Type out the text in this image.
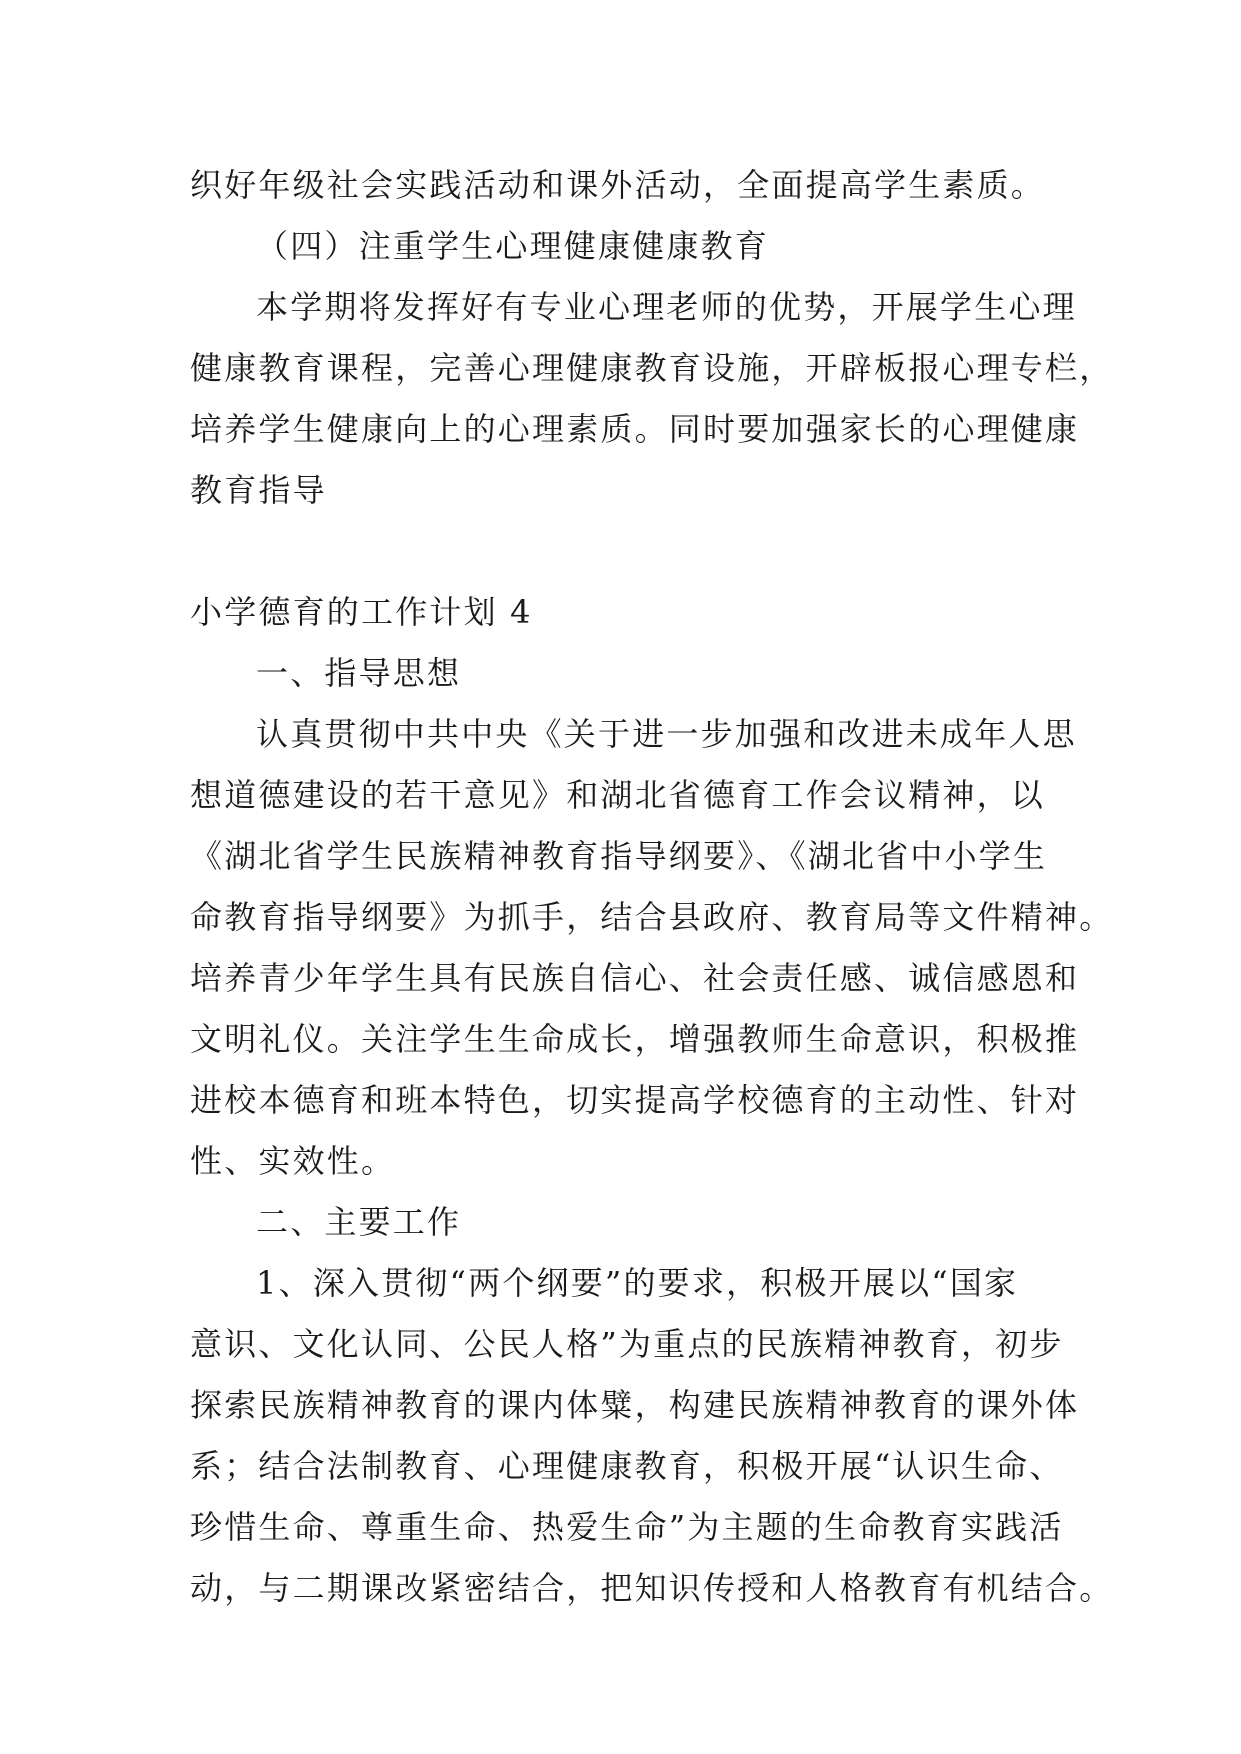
织好年级社会实践活动和课外活动，全面提高学生素质。
（四）注重学生心理健康健康教育
本学期将发挥好有专业心理老师的优势，开展学生心理
健康教育课程，完善心理健康教育设施，开辟板报心理专栏，
培养学生健康向上的心理素质。同时要加强家长的心理健康
教育指导
小学德育的工作计划 4
一、指导思想
认真贯彻中共中央《关于进一步加强和改进未成年人思
想道德建设的若干意见》和湖北省德育工作会议精神，以
《湖北省学生民族精神教育指导纲要》、《湖北省中小学生
命教育指导纲要》为抓手，结合县政府、教育局等文件精神。
培养青少年学生具有民族自信心、社会责任感、诚信感恩和
文明礼仪。关注学生生命成长，增强教师生命意识，积极推
进校本德育和班本特色，切实提高学校德育的主动性、针对
性、实效性。
二、主要工作
1、深入贯彻“两个纲要”的要求，积极开展以“国家
意识、文化认同、公民人格”为重点的民族精神教育，初步
探索民族精神教育的课内体糪，构建民族精神教育的课外体
系；结合法制教育、心理健康教育，积极开展“认识生命、
珍惜生命、尊重生命、热爱生命”为主题的生命教育实践活
动，与二期课改紧密结合，把知识传授和人格教育有机结合。
